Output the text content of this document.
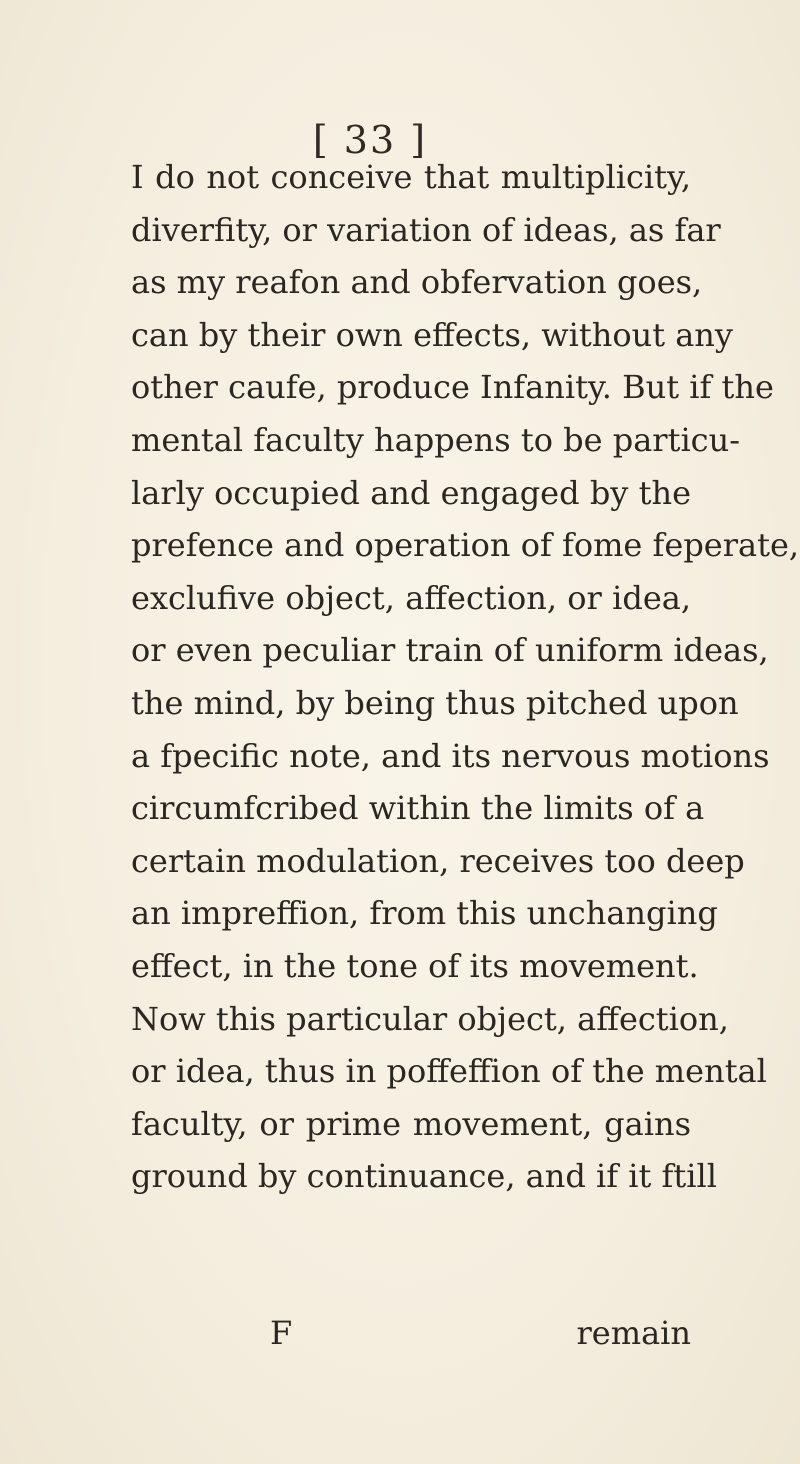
[ 33 ]
I do not conceive that multiplicity,
diverfity, or variation of ideas, as far
as my reafon and obfervation goes,
can by their own effects, without any
other caufe, produce Infanity. But if the
mental faculty happens to be particu-
larly occupied and engaged by the
prefence and operation of fome feperate,
exclufive object, affection, or idea,
or even peculiar train of uniform ideas,
the mind, by being thus pitched upon
a fpecific note, and its nervous motions
circumfcribed within the limits of a
certain modulation, receives too deep
an impreffion, from this unchanging
effect, in the tone of its movement.
Now this particular object, affection,
or idea, thus in poffeffion of the mental
faculty, or prime movement, gains
ground by continuance, and if it ftill
F	remain
